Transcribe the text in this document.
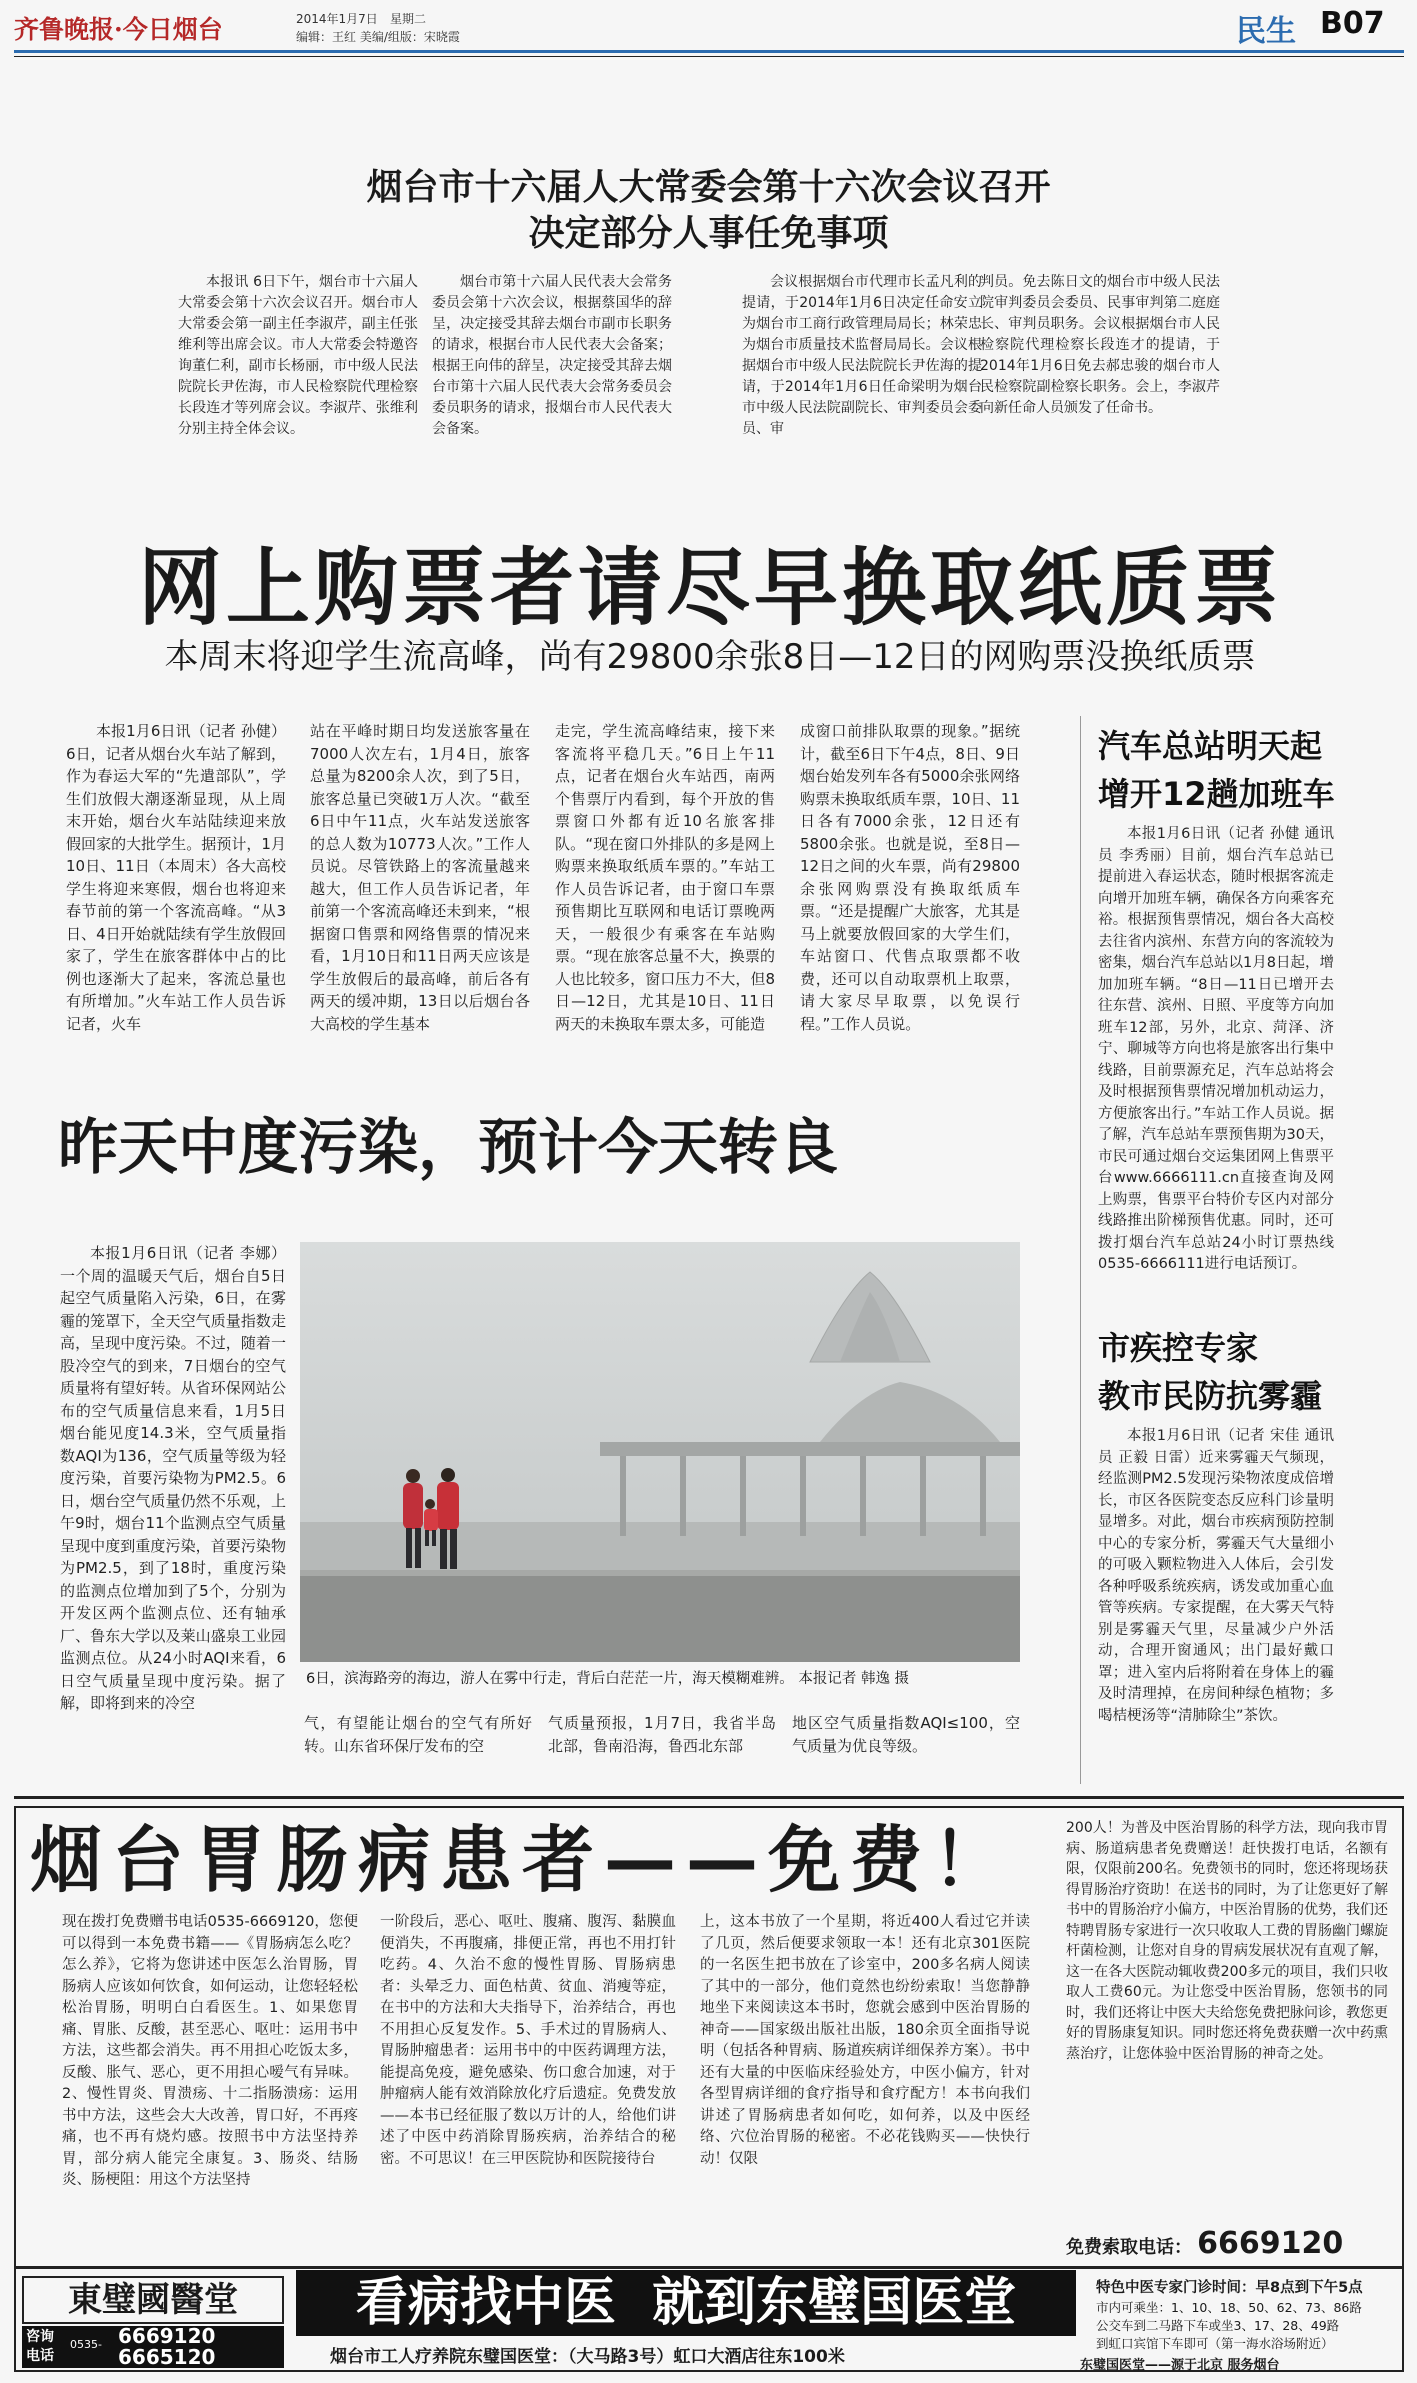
齐鲁晚报·今日烟台	2014年1月7日 星期二
编辑：王红 美编/组版：宋晓霞	民生 B07
烟台市十六届人大常委会第十六次会议召开
决定部分人事任免事项
本报讯 6日下午，烟台市十六届人大常委会第十六次会议召开。烟台市人大常委会第一副主任李淑芹，副主任张维利等出席会议。市人大常委会特邀咨询董仁利，副市长杨丽，市中级人民法院院长尹佐海，市人民检察院代理检察长段连才等列席会议。李淑芹、张维利分别主持全体会议。
烟台市第十六届人民代表大会常务委员会第十六次会议，根据蔡国华的辞呈，决定接受其辞去烟台市副市长职务的请求，根据台市人民代表大会备案；根据王向伟的辞呈，决定接受其辞去烟台市第十六届人民代表大会常务委员会委员职务的请求，报烟台市人民代表大会备案。
会议根据烟台市代理市长孟凡利的提请，于2014年1月6日决定任命安立为烟台市工商行政管理局局长；林荣忠为烟台市质量技术监督局局长。会议根据烟台市中级人民法院院长尹佐海的提请，于2014年1月6日任命梁明为烟台市中级人民法院副院长、审判委员会委员、审
判员。免去陈日文的烟台市中级人民法院审判委员会委员、民事审判第二庭庭长、审判员职务。会议根据烟台市人民检察院代理检察长段连才的提请，于2014年1月6日免去郝忠骏的烟台市人民检察院副检察长职务。会上，李淑芹向新任命人员颁发了任命书。
网上购票者请尽早换取纸质票
本周末将迎学生流高峰，尚有29800余张8日—12日的网购票没换纸质票
本报1月6日讯（记者 孙健）6日，记者从烟台火车站了解到，作为春运大军的“先遣部队”，学生们放假大潮逐渐显现，从上周末开始，烟台火车站陆续迎来放假回家的大批学生。据预计，1月10日、11日（本周末）各大高校学生将迎来寒假，烟台也将迎来春节前的第一个客流高峰。“从3日、4日开始就陆续有学生放假回家了，学生在旅客群体中占的比例也逐渐大了起来，客流总量也有所增加。”火车站工作人员告诉记者，火车
站在平峰时期日均发送旅客量在7000人次左右，1月4日，旅客总量为8200余人次，到了5日，旅客总量已突破1万人次。“截至6日中午11点，火车站发送旅客的总人数为10773人次。”工作人员说。尽管铁路上的客流量越来越大，但工作人员告诉记者，年前第一个客流高峰还未到来，“根据窗口售票和网络售票的情况来看，1月10日和11日两天应该是学生放假后的最高峰，前后各有两天的缓冲期，13日以后烟台各大高校的学生基本
走完，学生流高峰结束，接下来客流将平稳几天。”6日上午11点，记者在烟台火车站西，南两个售票厅内看到，每个开放的售票窗口外都有近10名旅客排队。“现在窗口外排队的多是网上购票来换取纸质车票的。”车站工作人员告诉记者，由于窗口车票预售期比互联网和电话订票晚两天，一般很少有乘客在车站购票。“现在旅客总量不大，换票的人也比较多，窗口压力不大，但8日—12日，尤其是10日、11日两天的未换取车票太多，可能造
成窗口前排队取票的现象。”据统计，截至6日下午4点，8日、9日烟台始发列车各有5000余张网络购票未换取纸质车票，10日、11日各有7000余张，12日还有5800余张。也就是说，至8日—12日之间的火车票，尚有29800余张网购票没有换取纸质车票。“还是提醒广大旅客，尤其是马上就要放假回家的大学生们，车站窗口、代售点取票都不收费，还可以自动取票机上取票，请大家尽早取票，以免误行程。”工作人员说。
汽车总站明天起
增开12趟加班车
本报1月6日讯（记者 孙健 通讯员 李秀丽）目前，烟台汽车总站已提前进入春运状态，随时根据客流走向增开加班车辆，确保各方向乘客充裕。根据预售票情况，烟台各大高校去往省内滨州、东营方向的客流较为密集，烟台汽车总站以1月8日起，增加加班车辆。“8日—11日已增开去往东营、滨州、日照、平度等方向加班车12部，另外，北京、菏泽、济宁、聊城等方向也将是旅客出行集中线路，目前票源充足，汽车总站将会及时根据预售票情况增加机动运力，方便旅客出行。”车站工作人员说。据了解，汽车总站车票预售期为30天，市民可通过烟台交运集团网上售票平台www.6666111.cn直接查询及网上购票，售票平台特价专区内对部分线路推出阶梯预售优惠。同时，还可拨打烟台汽车总站24小时订票热线0535-6666111进行电话预订。
昨天中度污染，预计今天转良
本报1月6日讯（记者 李娜）一个周的温暖天气后，烟台自5日起空气质量陷入污染，6日，在雾霾的笼罩下，全天空气质量指数走高，呈现中度污染。不过，随着一股冷空气的到来，7日烟台的空气质量将有望好转。从省环保网站公布的空气质量信息来看，1月5日烟台能见度14.3米，空气质量指数AQI为136，空气质量等级为轻度污染，首要污染物为PM2.5。6日，烟台空气质量仍然不乐观，上午9时，烟台11个监测点空气质量呈现中度到重度污染，首要污染物为PM2.5，到了18时，重度污染的监测点位增加到了5个，分别为开发区两个监测点位、还有轴承厂、鲁东大学以及莱山盛泉工业园监测点位。从24小时AQI来看，6日空气质量呈现中度污染。据了解，即将到来的冷空
6日，滨海路旁的海边，游人在雾中行走，背后白茫茫一片，海天模糊难辨。 本报记者 韩逸 摄
气，有望能让烟台的空气有所好转。山东省环保厅发布的空
气质量预报，1月7日，我省半岛北部，鲁南沿海，鲁西北东部
地区空气质量指数AQI≤100，空气质量为优良等级。
市疾控专家
教市民防抗雾霾
本报1月6日讯（记者 宋佳 通讯员 正毅 日雷）近来雾霾天气频现，经监测PM2.5发现污染物浓度成倍增长，市区各医院变态反应科门诊量明显增多。对此，烟台市疾病预防控制中心的专家分析，雾霾天气大量细小的可吸入颗粒物进入人体后，会引发各种呼吸系统疾病，诱发或加重心血管等疾病。专家提醒，在大雾天气特别是雾霾天气里，尽量减少户外活动，合理开窗通风；出门最好戴口罩；进入室内后将附着在身体上的霾及时清理掉，在房间种绿色植物；多喝桔梗汤等“清肺除尘”茶饮。
烟台胃肠病患者——免费！
现在拨打免费赠书电话0535-6669120，您便可以得到一本免费书籍——《胃肠病怎么吃？怎么养》，它将为您讲述中医怎么治胃肠，胃肠病人应该如何饮食，如何运动，让您轻轻松松治胃肠，明明白白看医生。1、如果您胃痛、胃胀、反酸，甚至恶心、呕吐：运用书中方法，这些都会消失。再不用担心吃饭太多，反酸、胀气、恶心，更不用担心嗳气有异味。2、慢性胃炎、胃溃疡、十二指肠溃疡：运用书中方法，这些会大大改善，胃口好，不再疼痛，也不再有烧灼感。按照书中方法坚持养胃，部分病人能完全康复。3、肠炎、结肠炎、肠梗阻：用这个方法坚持
一阶段后，恶心、呕吐、腹痛、腹泻、黏膜血便消失，不再腹痛，排便正常，再也不用打针吃药。4、久治不愈的慢性胃肠、胃肠病患者：头晕乏力、面色枯黄、贫血、消瘦等症，在书中的方法和大夫指导下，治养结合，再也不用担心反复发作。5、手术过的胃肠病人、胃肠肿瘤患者：运用书中的中医药调理方法，能提高免疫，避免感染、伤口愈合加速，对于肿瘤病人能有效消除放化疗后遗症。免费发放——本书已经征服了数以万计的人，给他们讲述了中医中药消除胃肠疾病，治养结合的秘密。不可思议！在三甲医院协和医院接待台
上，这本书放了一个星期，将近400人看过它并读了几页，然后便要求领取一本！还有北京301医院的一名医生把书放在了诊室中，200多名病人阅读了其中的一部分，他们竟然也纷纷索取！当您静静地坐下来阅读这本书时，您就会感到中医治胃肠的神奇——国家级出版社出版，180余页全面指导说明（包括各种胃病、肠道疾病详细保养方案）。书中还有大量的中医临床经验处方，中医小偏方，针对各型胃病详细的食疗指导和食疗配方！本书向我们讲述了胃肠病患者如何吃，如何养，以及中医经络、穴位治胃肠的秘密。不必花钱购买——快快行动！仅限
200人！为普及中医治胃肠的科学方法，现向我市胃病、肠道病患者免费赠送！赶快拨打电话，名额有限，仅限前200名。免费领书的同时，您还将现场获得胃肠治疗资助！在送书的同时，为了让您更好了解书中的胃肠治疗小偏方，中医治胃肠的优势，我们还特聘胃肠专家进行一次只收取人工费的胃肠幽门螺旋杆菌检测，让您对自身的胃病发展状况有直观了解，这一在各大医院动辄收费200多元的项目，我们只收取人工费60元。为让您受中医治胃肠，您领书的同时，我们还将让中医大夫给您免费把脉问诊，教您更好的胃肠康复知识。同时您还将免费获赠一次中药熏蒸治疗，让您体验中医治胃肠的神奇之处。
免费索取电话： 6669120
東璧國醫堂
咨询电话
0535- 6669120
6665120
看病找中医  就到东璧国医堂
烟台市工人疗养院东璧国医堂：（大马路3号）虹口大酒店往东100米
特色中医专家门诊时间：早8点到下午5点
市内可乘坐：1、10、18、50、62、73、86路
公交车到二马路下车或坐3、17、28、49路
到虹口宾馆下车即可（第一海水浴场附近）
东璧国医堂——源于北京 服务烟台
